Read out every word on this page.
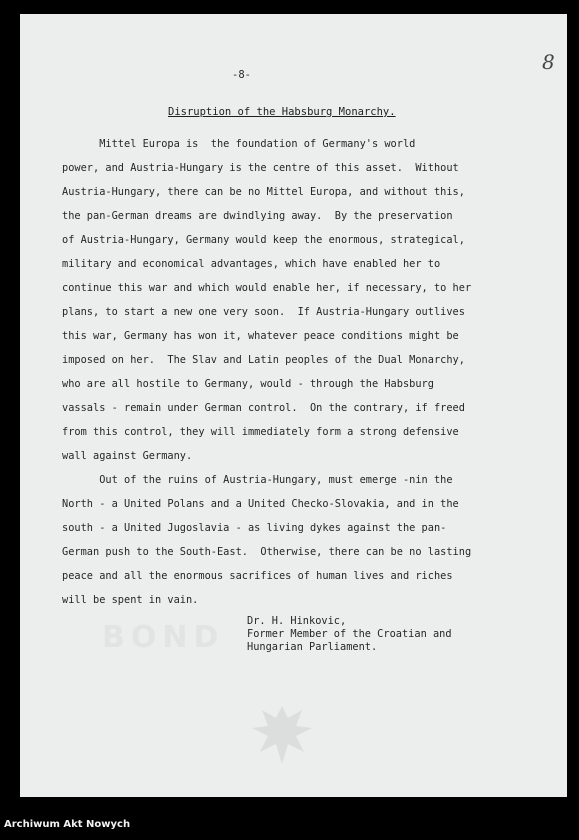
-8-
8
Disruption of the Habsburg Monarchy.
Mittel Europa is  the foundation of Germany's world
power, and Austria-Hungary is the centre of this asset.  Without
Austria-Hungary, there can be no Mittel Europa, and without this,
the pan-German dreams are dwindlying away.  By the preservation
of Austria-Hungary, Germany would keep the enormous, strategical,
military and economical advantages, which have enabled her to
continue this war and which would enable her, if necessary, to her
plans, to start a new one very soon.  If Austria-Hungary outlives
this war, Germany has won it, whatever peace conditions might be
imposed on her.  The Slav and Latin peoples of the Dual Monarchy,
who are all hostile to Germany, would - through the Habsburg
vassals - remain under German control.  On the contrary, if freed
from this control, they will immediately form a strong defensive
wall against Germany.
Out of the ruins of Austria-Hungary, must emerge -nin the
North - a United Polans and a United Checko-Slovakia, and in the
south - a United Jugoslavia - as living dykes against the pan-
German push to the South-East.  Otherwise, there can be no lasting
peace and all the enormous sacrifices of human lives and riches
will be spent in vain.
BOND Dr. H. Hinkovic,
Former Member of the Croatian and
Hungarian Parliament.
Archiwum Akt Nowych
